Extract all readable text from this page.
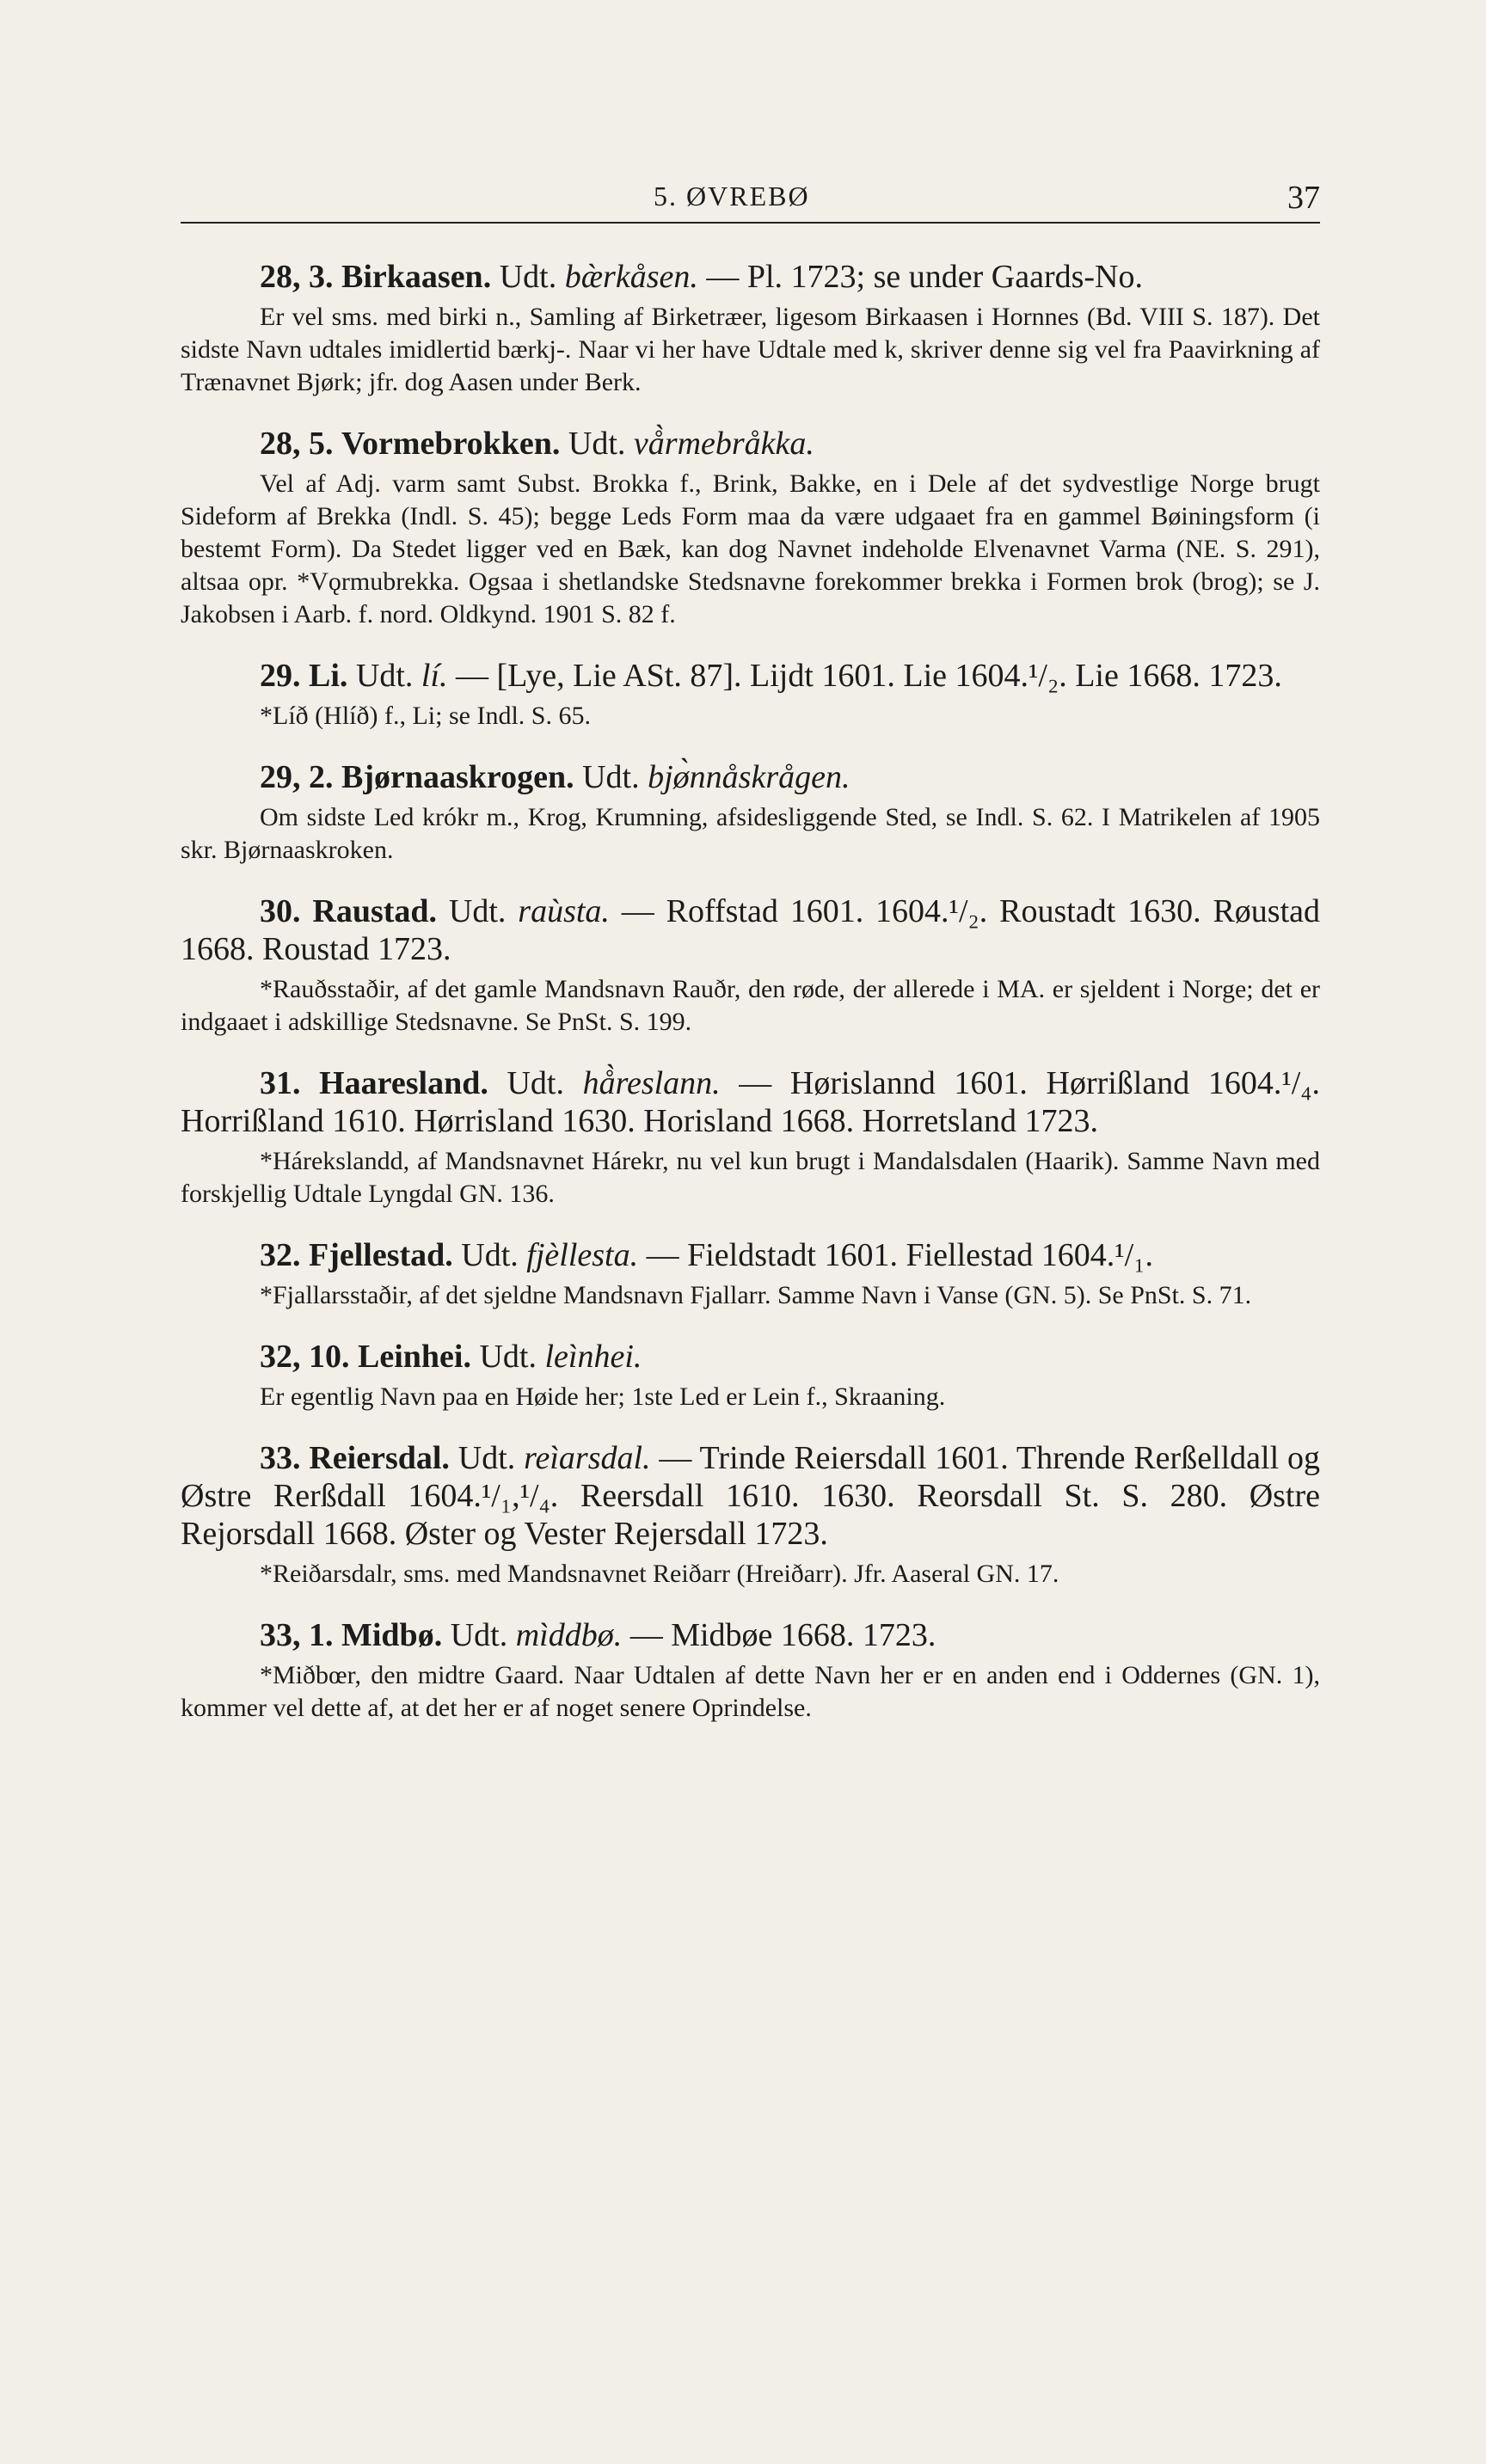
5. ØVREBØ	37

28, 3. Birkaasen. Udt. bæ̀rkåsen. — Pl. 1723; se under Gaards-No.

Er vel sms. med birki n., Samling af Birketræer, ligesom Birkaasen i Hornnes (Bd. VIII S. 187). Det sidste Navn udtales imidlertid bærkj-. Naar vi her have Udtale med k, skriver denne sig vel fra Paavirkning af Trænavnet Bjørk; jfr. dog Aasen under Berk.

28, 5. Vormebrokken. Udt. vå̀rmebråkka.

Vel af Adj. varm samt Subst. Brokka f., Brink, Bakke, en i Dele af det sydvestlige Norge brugt Sideform af Brekka (Indl. S. 45); begge Leds Form maa da være udgaaet fra en gammel Bøiningsform (i bestemt Form). Da Stedet ligger ved en Bæk, kan dog Navnet indeholde Elvenavnet Varma (NE. S. 291), altsaa opr. *Vǫrmubrekka. Ogsaa i shetlandske Stedsnavne forekommer brekka i Formen brok (brog); se J. Jakobsen i Aarb. f. nord. Oldkynd. 1901 S. 82 f.

29. Li. Udt. lí. — [Lye, Lie ASt. 87]. Lijdt 1601. Lie 1604.¹/₂. Lie 1668. 1723.

*Líð (Hlíð) f., Li; se Indl. S. 65.

29, 2. Bjørnaaskrogen. Udt. bjø̀nnåskrågen.

Om sidste Led krókr m., Krog, Krumning, afsidesliggende Sted, se Indl. S. 62. I Matrikelen af 1905 skr. Bjørnaaskroken.

30. Raustad. Udt. raùsta. — Roffstad 1601. 1604.¹/₂. Roustadt 1630. Røustad 1668. Roustad 1723.

*Rauðsstaðir, af det gamle Mandsnavn Rauðr, den røde, der allerede i MA. er sjeldent i Norge; det er indgaaet i adskillige Stedsnavne. Se PnSt. S. 199.

31. Haaresland. Udt. hå̀reslann. — Hørislannd 1601. Hørrißland 1604.¹/₄. Horrißland 1610. Hørrisland 1630. Horisland 1668. Horretsland 1723.

*Hárekslandd, af Mandsnavnet Hárekr, nu vel kun brugt i Mandalsdalen (Haarik). Samme Navn med forskjellig Udtale Lyngdal GN. 136.

32. Fjellestad. Udt. fjèllesta. — Fieldstadt 1601. Fiellestad 1604.¹/₁.

*Fjallarsstaðir, af det sjeldne Mandsnavn Fjallarr. Samme Navn i Vanse (GN. 5). Se PnSt. S. 71.

32, 10. Leinhei. Udt. leìnhei.

Er egentlig Navn paa en Høide her; 1ste Led er Lein f., Skraaning.

33. Reiersdal. Udt. reìarsdal. — Trinde Reiersdall 1601. Thrende Rerßelldall og Østre Rerßdall 1604.¹/₁,¹/₄. Reersdall 1610. 1630. Reorsdall St. S. 280. Østre Rejorsdall 1668. Øster og Vester Rejersdall 1723.

*Reiðarsdalr, sms. med Mandsnavnet Reiðarr (Hreiðarr). Jfr. Aaseral GN. 17.

33, 1. Midbø. Udt. mìddbø. — Midbøe 1668. 1723.

*Miðbœr, den midtre Gaard. Naar Udtalen af dette Navn her er en anden end i Oddernes (GN. 1), kommer vel dette af, at det her er af noget senere Oprindelse.
